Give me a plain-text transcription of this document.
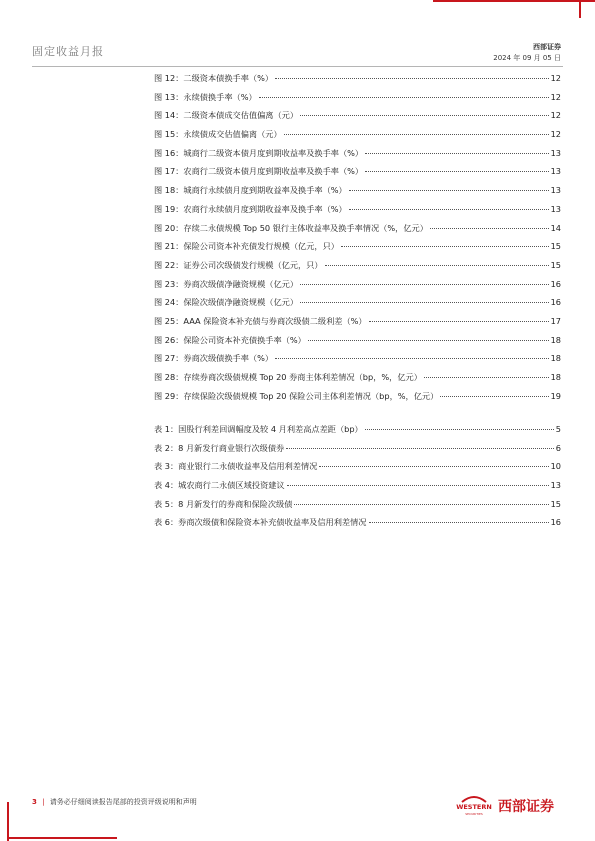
固定收益月报	西部证券
2024 年 09 月 05 日
图 12：二级资本债换手率（%）	12
图 13：永续债换手率（%）	12
图 14：二级资本债成交估值偏离（元）	12
图 15：永续债成交估值偏离（元）	12
图 16：城商行二级资本债月度到期收益率及换手率（%）	13
图 17：农商行二级资本债月度到期收益率及换手率（%）	13
图 18：城商行永续债月度到期收益率及换手率（%）	13
图 19：农商行永续债月度到期收益率及换手率（%）	13
图 20：存续二永债规模 Top 50 银行主体收益率及换手率情况（%，亿元）	14
图 21：保险公司资本补充债发行规模（亿元，只）	15
图 22：证券公司次级债发行规模（亿元，只）	15
图 23：券商次级债净融资规模（亿元）	16
图 24：保险次级债净融资规模（亿元）	16
图 25：AAA 保险资本补充债与券商次级债二级利差（%）	17
图 26：保险公司资本补充债换手率（%）	18
图 27：券商次级债换手率（%）	18
图 28：存续券商次级债规模 Top 20 券商主体利差情况（bp，%，亿元）	18
图 29：存续保险次级债规模 Top 20 保险公司主体利差情况（bp，%，亿元）	19
表 1：国股行利差回调幅度及较 4 月利差高点差距（bp）	5
表 2：8 月新发行商业银行次级债券	6
表 3：商业银行二永债收益率及信用利差情况	10
表 4：城农商行二永债区域投资建议	13
表 5：8 月新发行的券商和保险次级债	15
表 6：券商次级债和保险资本补充债收益率及信用利差情况	16
3 | 请务必仔细阅读报告尾部的投资评级说明和声明
WESTERN
SECURITIES 西部证券
